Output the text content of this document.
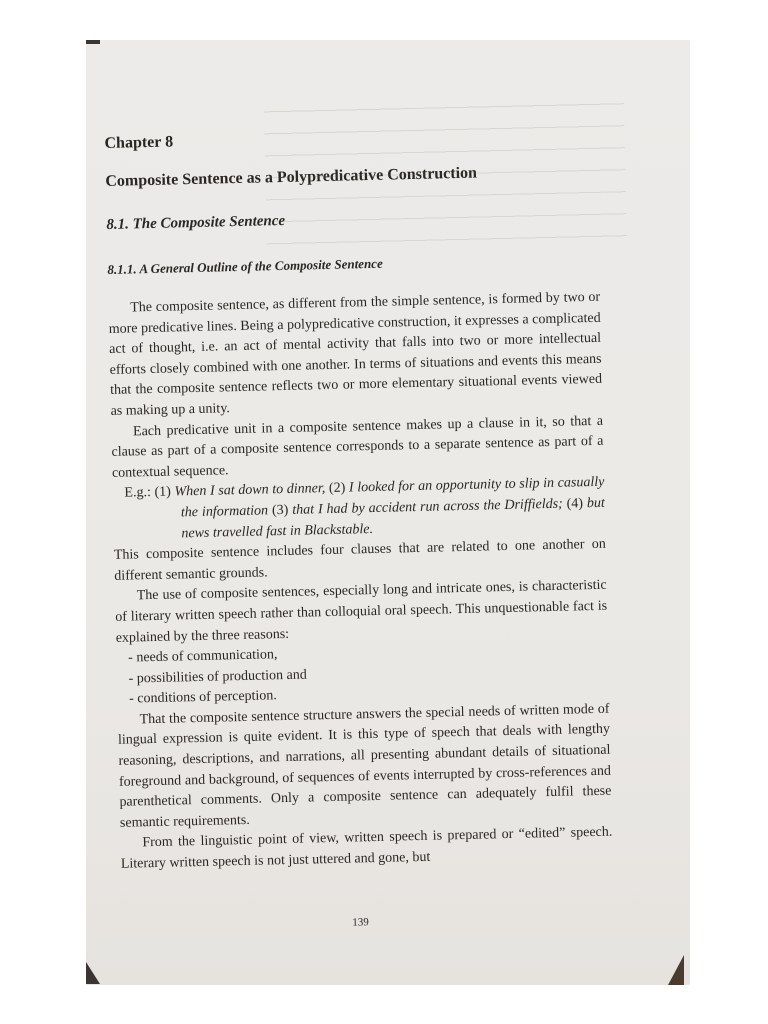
Chapter 8
Composite Sentence as a Polypredicative Construction
8.1. The Composite Sentence
8.1.1. A General Outline of the Composite Sentence

The composite sentence, as different from the simple sentence, is formed by two or more predicative lines. Being a polypredicative construction, it expresses a complicated act of thought, i.e. an act of mental activity that falls into two or more intellectual efforts closely combined with one another. In terms of situations and events this means that the composite sentence reflects two or more elementary situational events viewed as making up a unity.

Each predicative unit in a composite sentence makes up a clause in it, so that a clause as part of a composite sentence corresponds to a separate sentence as part of a contextual sequence.

E.g.: (1) When I sat down to dinner, (2) I looked for an opportunity to slip in casually the information (3) that I had by accident run across the Driffields; (4) but news travelled fast in Blackstable.

This composite sentence includes four clauses that are related to one another on different semantic grounds.

The use of composite sentences, especially long and intricate ones, is characteristic of literary written speech rather than colloquial oral speech. This unquestionable fact is explained by the three reasons:

- needs of communication,

- possibilities of production and

- conditions of perception.

That the composite sentence structure answers the special needs of written mode of lingual expression is quite evident. It is this type of speech that deals with lengthy reasoning, descriptions, and narrations, all presenting abundant details of situational foreground and background, of sequences of events interrupted by cross-references and parenthetical comments. Only a composite sentence can adequately fulfil these semantic requirements.

From the linguistic point of view, written speech is prepared or “edited” speech. Literary written speech is not just uttered and gone, but

139
